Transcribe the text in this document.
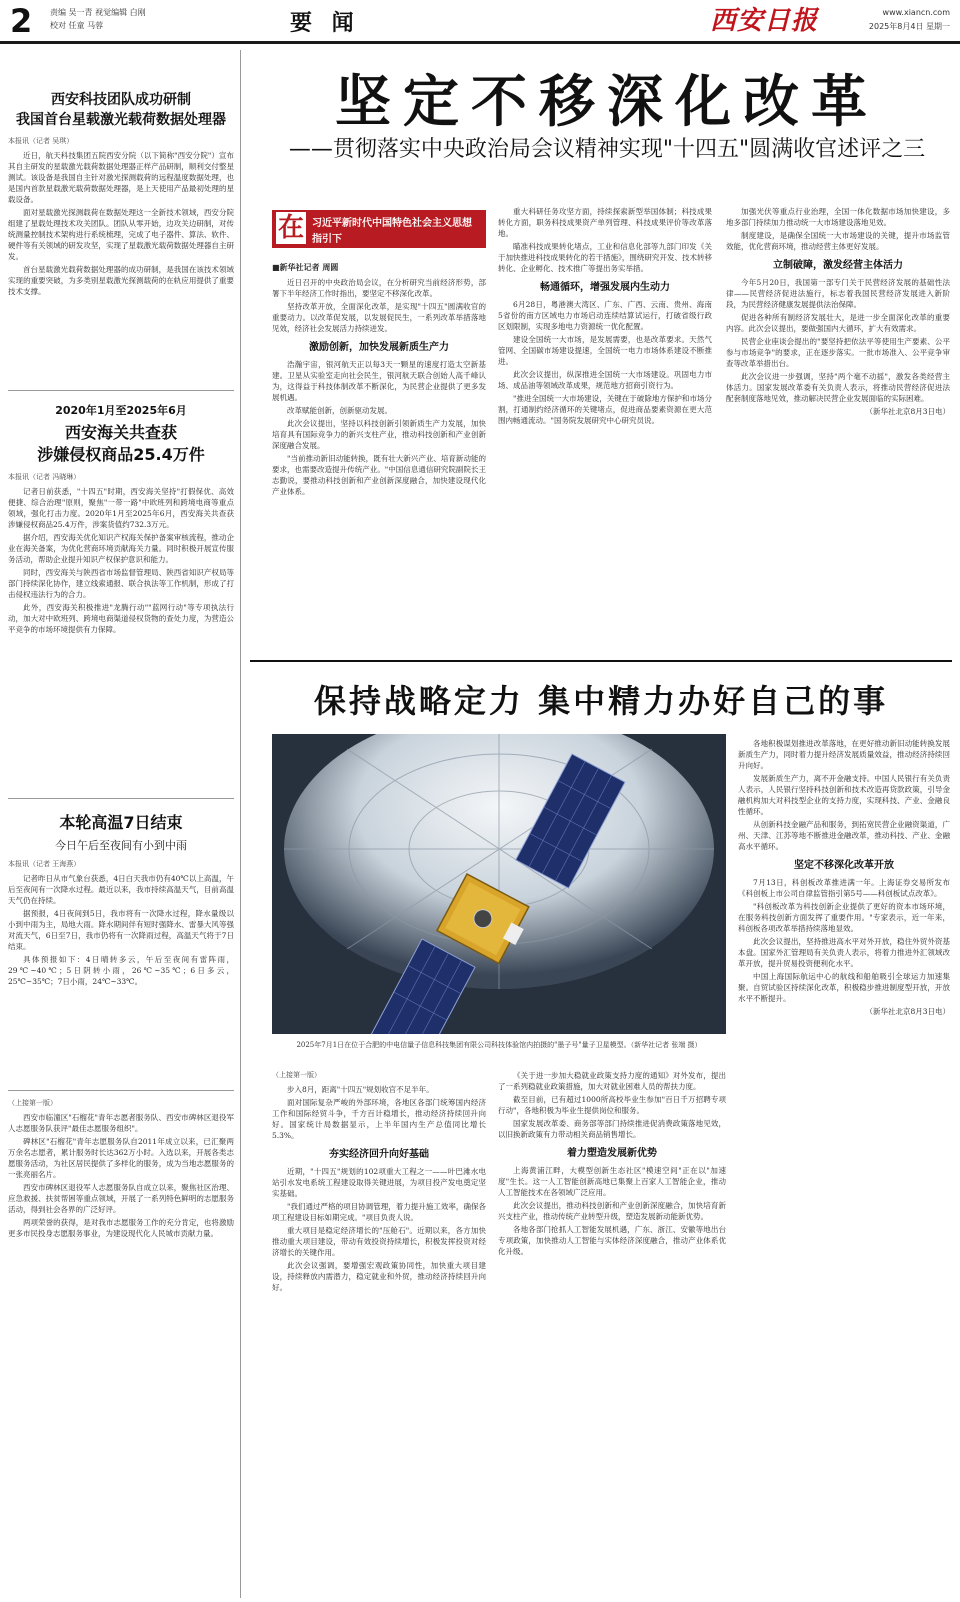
2 责编 吴一青 视觉编辑 白刚
校对 任童 马蓉	要 闻	西安日报	www.xiancn.com
2025年8月4日 星期一
西安科技团队成功研制
我国首台星载激光载荷数据处理器
本报讯（记者 吴琪）

近日，航天科技集团五院西安分院（以下简称"西安分院"）宣布其自主研发的星载激光载荷数据处理器正样产品研制，顺利交付整星测试。该设备是我国自主针对激光探测载荷的远程温度数据处理，也是国内首款星载激光载荷数据处理器，是上天使用产品最初处理的星载设备。

面对星载激光探测载荷在数据处理这一全新技术领域，西安分院组建了星载处理技术攻关团队。团队从零开始，边攻关边研制，对传统测量控制技术架构进行系统梳理，完成了电子器件、算法、软件、硬件等有关领域的研发攻坚，实现了星载激光载荷数据处理器自主研发。

首台星载激光载荷数据处理器的成功研制，是我国在该技术领域实现的重要突破，为多类别星载激光探测载荷的在轨应用提供了重要技术支撑。

2020年1月至2025年6月
西安海关共查获
涉嫌侵权商品25.4万件
本报讯（记者 冯晓琳）

记者日前获悉，"十四五"时期，西安海关坚持"打假保优、高效便捷、综合治理"原则，聚焦"一带一路"中欧班列和跨境电商等重点领域，强化打击力度。2020年1月至2025年6月，西安海关共查获涉嫌侵权商品25.4万件，涉案货值约732.3万元。

据介绍，西安海关优化知识产权海关保护备案审核流程，推动企业在海关备案，为优化营商环境贡献海关力量。同时积极开展宣传服务活动，帮助企业提升知识产权保护意识和能力。

同时，西安海关与陕西省市场监督管理局、陕西省知识产权局等部门持续深化协作，建立线索通报、联合执法等工作机制，形成了打击侵权违法行为的合力。

此外，西安海关积极推进"龙腾行动""蓝网行动"等专项执法行动，加大对中欧班列、跨境电商渠道侵权货物的查处力度，为营造公平竞争的市场环境提供有力保障。

本轮高温7日结束
今日午后至夜间有小到中雨
本报讯（记者 王海燕）

记者昨日从市气象台获悉，4日白天我市仍有40℃以上高温，午后至夜间有一次降水过程。最近以来，我市持续高温天气，目前高温天气仍在持续。

据预报，4日夜间到5日，我市将有一次降水过程，降水量级以小到中雨为主，局地大雨。降水期间伴有短时强降水、雷暴大风等强对流天气，6日至7日，我市仍将有一次降雨过程，高温天气将于7日结束。

具体预报如下：4日晴转多云，午后至夜间有雷阵雨，29℃~40℃；5日阴转小雨，26℃~35℃；6日多云，25℃~35℃；7日小雨，24℃~33℃。

（上接第一版）

西安市临潼区"石榴花"青年志愿者服务队、西安市碑林区退役军人志愿服务队获评"最佳志愿服务组织"。

碑林区"石榴花"青年志愿服务队自2011年成立以来，已汇聚两万余名志愿者，累计服务时长达362万小时。入选以来，开展各类志愿服务活动，为社区居民提供了多样化的服务，成为当地志愿服务的一张亮丽名片。

西安市碑林区退役军人志愿服务队自成立以来，聚焦社区治理、应急救援、扶贫帮困等重点领域，开展了一系列特色鲜明的志愿服务活动，得到社会各界的广泛好评。

两项荣誉的获得，是对我市志愿服务工作的充分肯定，也将激励更多市民投身志愿服务事业，为建设现代化人民城市贡献力量。

坚定不移深化改革
——贯彻落实中央政治局会议精神实现"十四五"圆满收官述评之三
在 习近平新时代中国特色社会主义思想
指引下
■新华社记者 周圆

近日召开的中央政治局会议，在分析研究当前经济形势，部署下半年经济工作时指出，要坚定不移深化改革。

坚持改革开放，全面深化改革，是实现"十四五"圆满收官的重要动力。以改革促发展，以发展促民生，一系列改革举措落地见效，经济社会发展活力持续迸发。

激励创新，加快发展新质生产力

浩瀚宇宙，银河航天正以每3天一颗星的速度打造太空新基建。卫星从实验室走向社会民生，银河航天联合创始人高千峰认为，这得益于科技体制改革不断深化，为民营企业提供了更多发展机遇。

改革赋能创新，创新驱动发展。

此次会议提出，坚持以科技创新引领新质生产力发展，加快培育具有国际竞争力的新兴支柱产业，推动科技创新和产业创新深度融合发展。

"当前推动新旧动能转换，既有壮大新兴产业、培育新动能的要求，也需要改造提升传统产业。"中国信息通信研究院副院长王志勤说，要推动科技创新和产业创新深度融合，加快建设现代化产业体系。

重大科研任务攻坚方面，持续探索新型举国体制；科技成果转化方面，职务科技成果资产单列管理、科技成果评价等改革落地。

瞄准科技成果转化堵点，工业和信息化部等九部门印发《关于加快推进科技成果转化的若干措施》，围绕研究开发、技术转移转化、企业孵化、技术推广等提出务实举措。

畅通循环，增强发展内生动力

6月28日，粤港澳大湾区、广东、广西、云南、贵州、海南5省份的南方区域电力市场启动连续结算试运行，打破省级行政区划限制，实现多地电力资源统一优化配置。

建设全国统一大市场，是发展需要，也是改革要求。天然气管网、全国碳市场建设提速，全国统一电力市场体系建设不断推进。

此次会议提出，纵深推进全国统一大市场建设。巩固电力市场、成品油等领域改革成果，规范地方招商引资行为。

"推进全国统一大市场建设，关键在于破除地方保护和市场分割，打通制约经济循环的关键堵点，促进商品要素资源在更大范围内畅通流动。"国务院发展研究中心研究员说。

加强光伏等重点行业治理，全国一体化数据市场加快建设，多地多部门持续加力推动统一大市场建设落地见效。

制度建设，是确保全国统一大市场建设的关键，提升市场监管效能，优化营商环境，推动经营主体更好发展。

立制破障，激发经营主体活力

今年5月20日，我国第一部专门关于民营经济发展的基础性法律——民营经济促进法施行，标志着我国民营经济发展进入新阶段，为民营经济健康发展提供法治保障。

促进各种所有制经济发展壮大，是进一步全面深化改革的重要内容。此次会议提出，要做强国内大循环，扩大有效需求。

民营企业座谈会提出的"要坚持把依法平等使用生产要素、公平参与市场竞争"的要求，正在逐步落实。一批市场准入、公平竞争审查等改革举措出台。

此次会议进一步强调，坚持"两个毫不动摇"，激发各类经营主体活力。国家发展改革委有关负责人表示，将推动民营经济促进法配套制度落地见效，推动解决民营企业发展面临的实际困难。

（新华社北京8月3日电）

保持战略定力 集中精力办好自己的事
2025年7月1日在位于合肥的中电信量子信息科技集团有限公司科技体验馆内拍摄的"墨子号"量子卫星模型。（新华社记者 张端 摄）

各地积极谋划推进改革落地，在更好推动新旧动能转换发展新质生产力，同时着力提升经济发展质量效益，推动经济持续回升向好。

发展新质生产力，离不开金融支持。中国人民银行有关负责人表示，人民银行坚持科技创新和技术改造再贷款政策，引导金融机构加大对科技型企业的支持力度，实现科技、产业、金融良性循环。

从创新科技金融产品和服务，到拓宽民营企业融资渠道，广州、天津、江苏等地不断推进金融改革，推动科技、产业、金融高水平循环。

坚定不移深化改革开放

7月13日，科创板改革推进满一年。上海证券交易所发布《科创板上市公司自律监管指引第5号——科创板试点改革》。

"科创板改革为科技创新企业提供了更好的资本市场环境，在服务科技创新方面发挥了重要作用。"专家表示，近一年来，科创板各项改革举措持续落地显效。

此次会议提出，坚持推进高水平对外开放，稳住外贸外资基本盘。国家外汇管理局有关负责人表示，将着力推进外汇领域改革开放，提升贸易投资便利化水平。

中国上海国际航运中心的航线和船舶吸引全球运力加速集聚。自贸试验区持续深化改革，积极稳步推进制度型开放，开放水平不断提升。

（新华社北京8月3日电）

（上接第一版）

步入8月，距离"十四五"规划收官不足半年。

面对国际复杂严峻的外部环境，各地区各部门统筹国内经济工作和国际经贸斗争，千方百计稳增长，推动经济持续回升向好。国家统计局数据显示，上半年国内生产总值同比增长5.3%。

夯实经济回升向好基础

近期，"十四五"规划的102项重大工程之一——叶巴滩水电站引水发电系统工程建设取得关键进展，为项目投产发电奠定坚实基础。

"我们通过严格的项目协调管理，着力提升施工效率，确保各项工程建设目标如期完成。"项目负责人说。

重大项目是稳定经济增长的"压舱石"。近期以来，各方加快推动重大项目建设，带动有效投资持续增长，积极发挥投资对经济增长的关键作用。

此次会议强调，要增强宏观政策协同性，加快重大项目建设，持续释放内需潜力，稳定就业和外贸，推动经济持续回升向好。

《关于进一步加大稳就业政策支持力度的通知》对外发布，提出了一系列稳就业政策措施，加大对就业困难人员的帮扶力度。

截至目前，已有超过1000所高校毕业生参加"百日千万招聘专项行动"，各地积极为毕业生提供岗位和服务。

国家发展改革委、商务部等部门持续推进促消费政策落地见效，以旧换新政策有力带动相关商品销售增长。

着力塑造发展新优势

上海黄浦江畔，大模型创新生态社区"模速空间"正在以"加速度"生长。这一人工智能创新高地已集聚上百家人工智能企业，推动人工智能技术在各领域广泛应用。

此次会议提出，推动科技创新和产业创新深度融合，加快培育新兴支柱产业，推动传统产业转型升级，塑造发展新动能新优势。

各地各部门抢抓人工智能发展机遇，广东、浙江、安徽等地出台专项政策，加快推动人工智能与实体经济深度融合，推动产业体系优化升级。
